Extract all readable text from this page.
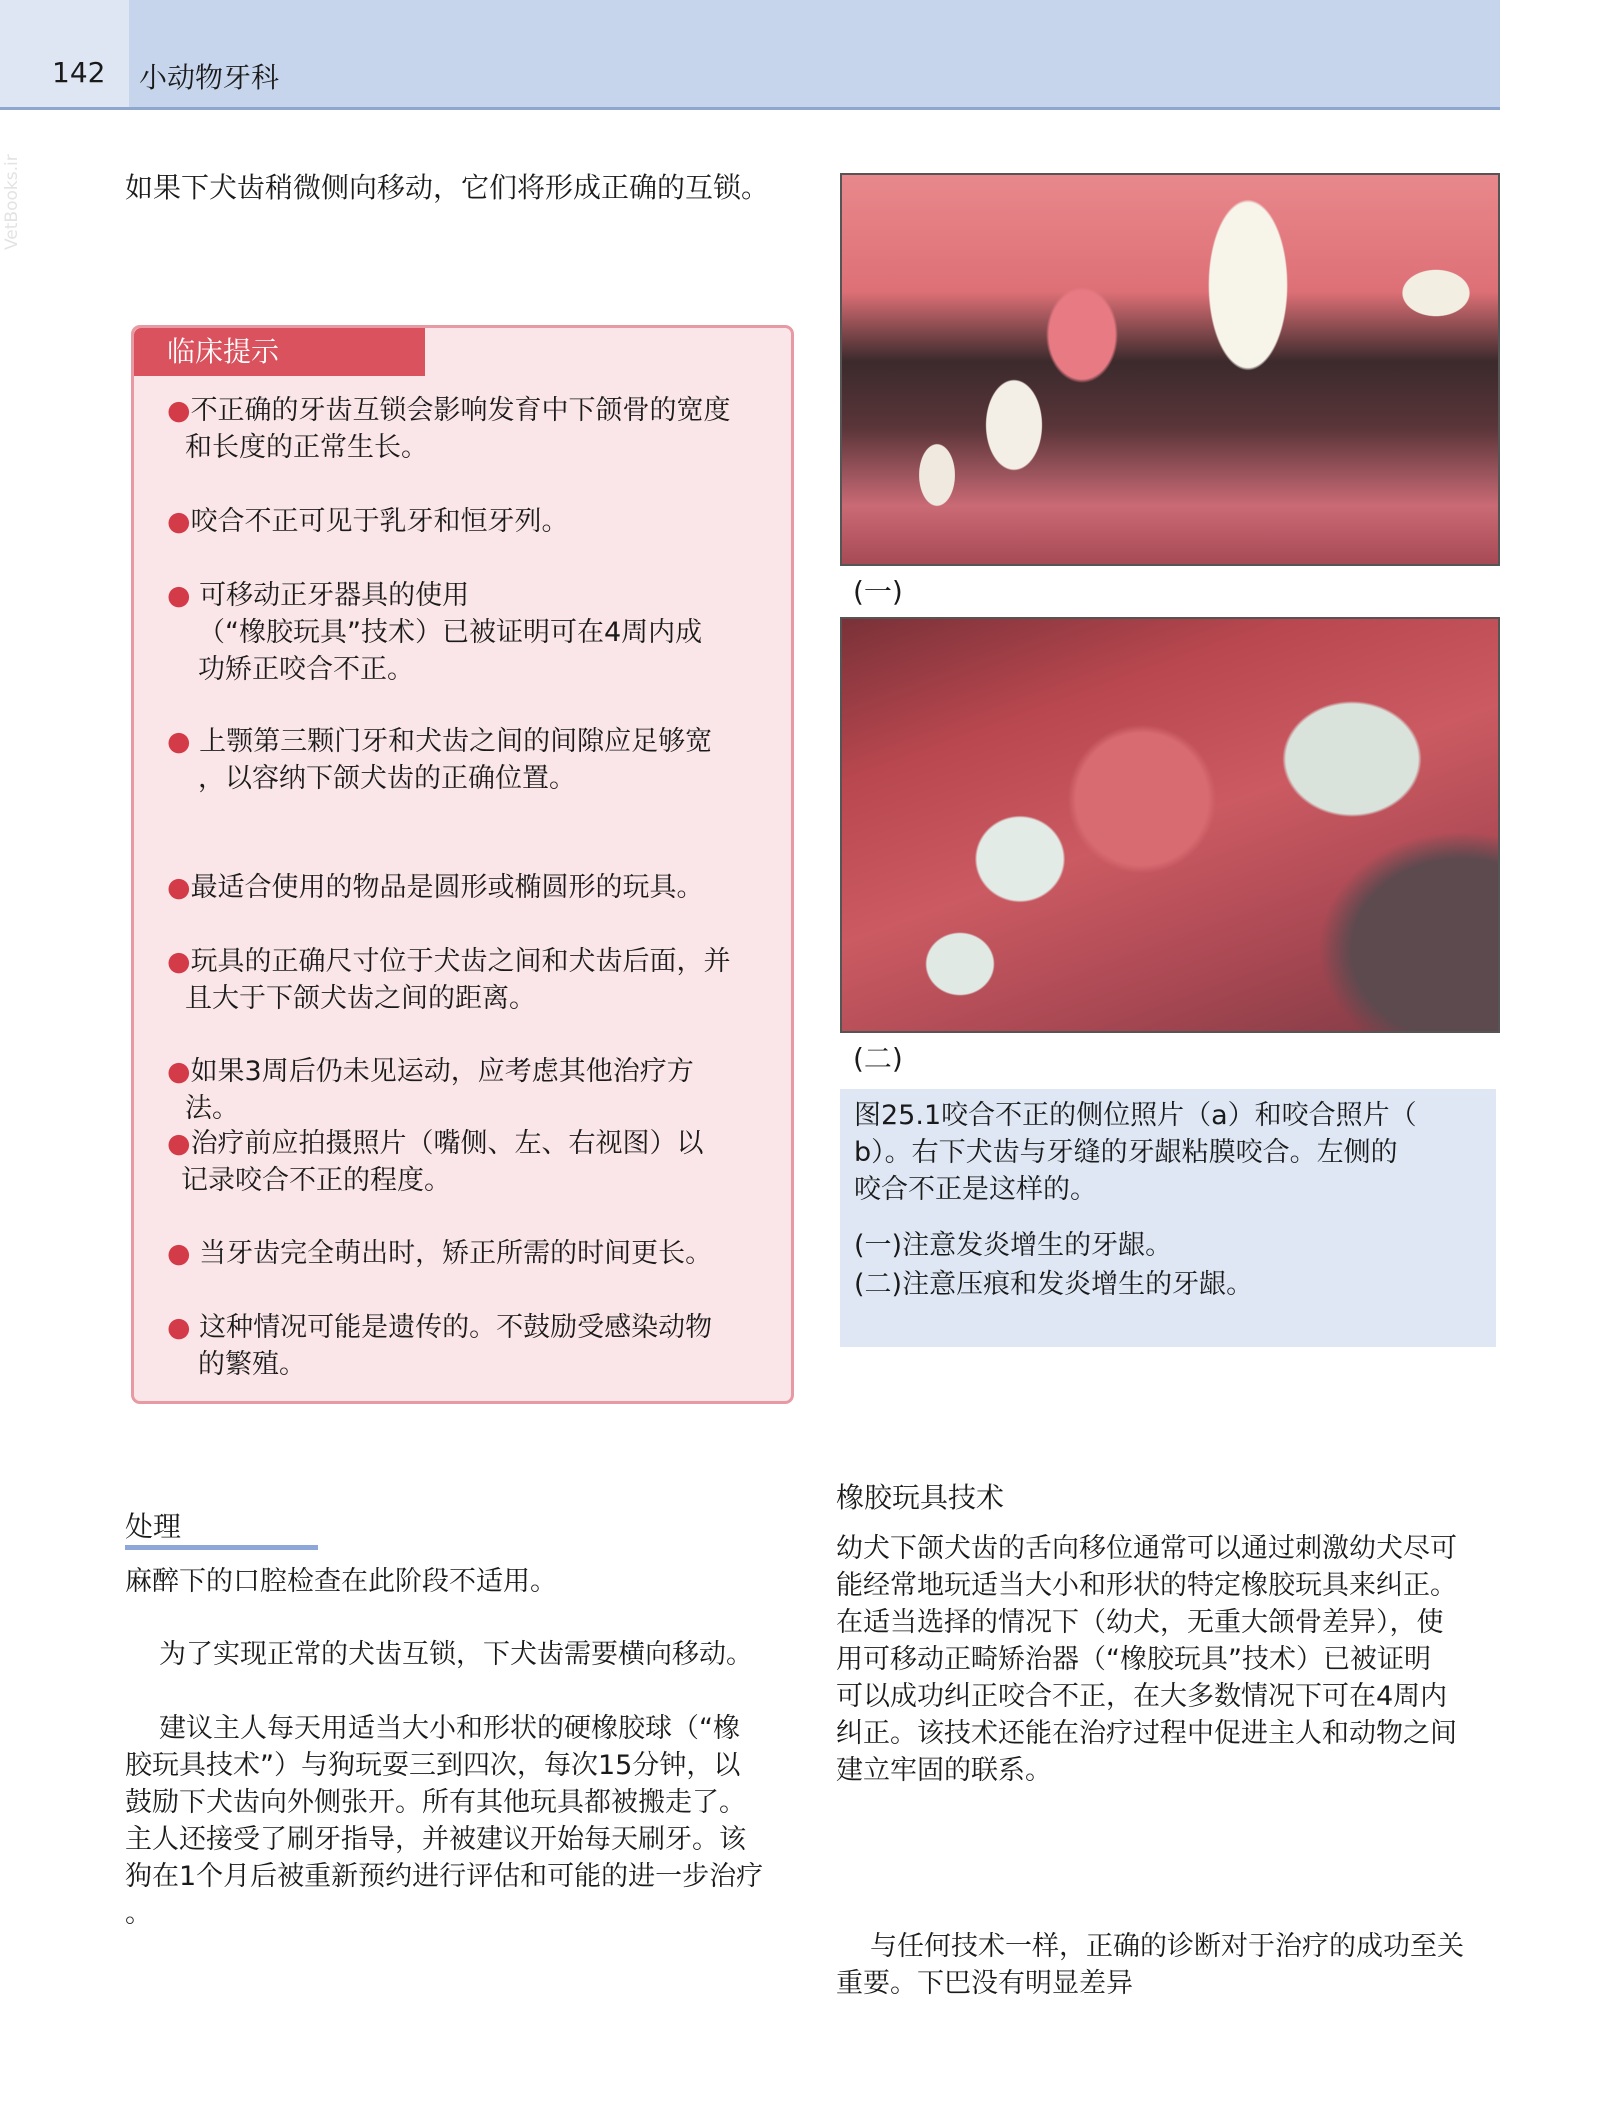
142 小动物牙科
VetBooks.ir	如果下犬齿稍微侧向移动，它们将形成正确的互锁。
临床提示
●不正确的牙齿互锁会影响发育中下颌骨的宽度
和长度的正常生长。
●咬合不正可见于乳牙和恒牙列。
● 可移动正牙器具的使用
（“橡胶玩具”技术）已被证明可在4周内成
功矫正咬合不正。
● 上颚第三颗门牙和犬齿之间的间隙应足够宽
，以容纳下颌犬齿的正确位置。
●最适合使用的物品是圆形或椭圆形的玩具。
●玩具的正确尺寸位于犬齿之间和犬齿后面，并
且大于下颌犬齿之间的距离。
●如果3周后仍未见运动，应考虑其他治疗方
法。
●治疗前应拍摄照片（嘴侧、左、右视图）以
记录咬合不正的程度。
● 当牙齿完全萌出时，矫正所需的时间更长。
● 这种情况可能是遗传的。不鼓励受感染动物
的繁殖。
(一)
(二)
图25.1咬合不正的侧位照片（a）和咬合照片（
b）。右下犬齿与牙缝的牙龈粘膜咬合。左侧的
咬合不正是这样的。
(一)注意发炎增生的牙龈。
(二)注意压痕和发炎增生的牙龈。
处理
麻醉下的口腔检查在此阶段不适用。
为了实现正常的犬齿互锁，下犬齿需要横向移动。
建议主人每天用适当大小和形状的硬橡胶球（“橡
胶玩具技术”）与狗玩耍三到四次，每次15分钟，以
鼓励下犬齿向外侧张开。所有其他玩具都被搬走了。
主人还接受了刷牙指导，并被建议开始每天刷牙。该
狗在1个月后被重新预约进行评估和可能的进一步治疗
。
橡胶玩具技术
幼犬下颌犬齿的舌向移位通常可以通过刺激幼犬尽可
能经常地玩适当大小和形状的特定橡胶玩具来纠正。
在适当选择的情况下（幼犬，无重大颌骨差异），使
用可移动正畸矫治器（“橡胶玩具”技术）已被证明
可以成功纠正咬合不正，在大多数情况下可在4周内
纠正。该技术还能在治疗过程中促进主人和动物之间
建立牢固的联系。
与任何技术一样，正确的诊断对于治疗的成功至关
重要。下巴没有明显差异
